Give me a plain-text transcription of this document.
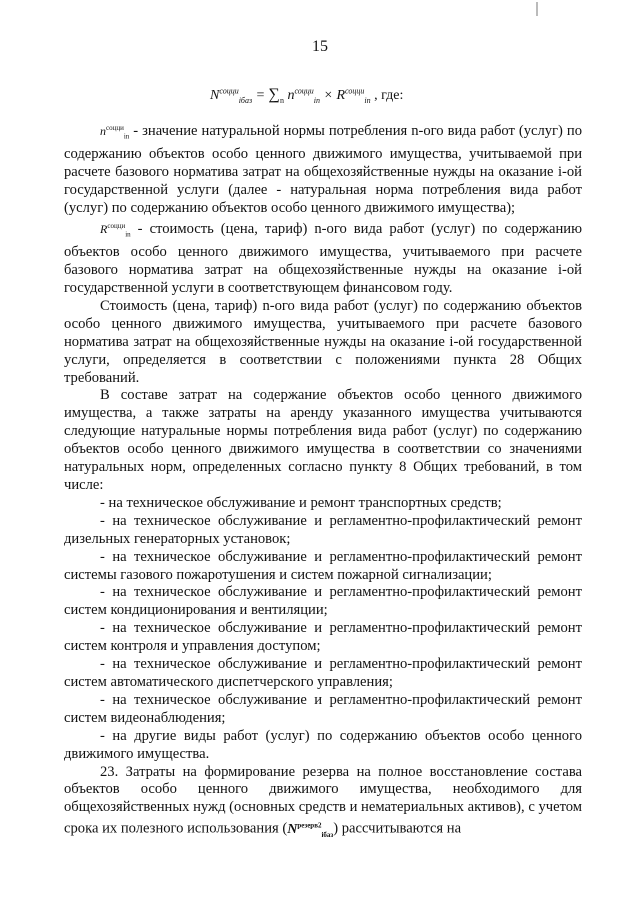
15
$N^{соцци}_{iбаз} = \sum_n$ $n^{соцци}_{in} \times R^{соцци}_{in}$ , где:

$n^{соцци}_{in}$ - значение натуральной нормы потребления n-ого вида работ (услуг) по содержанию объектов особо ценного движимого имущества, учитываемой при расчете базового норматива затрат на общехозяйственные нужды на оказание i-ой государственной услуги (далее - натуральная норма потребления вида работ (услуг) по содержанию объектов особо ценного движимого имущества);

$R^{соцци}_{in}$ - стоимость (цена, тариф) n-ого вида работ (услуг) по содержанию объектов особо ценного движимого имущества, учитываемого при расчете базового норматива затрат на общехозяйственные нужды на оказание i-ой государственной услуги в соответствующем финансовом году.

Стоимость (цена, тариф) n-ого вида работ (услуг) по содержанию объектов особо ценного движимого имущества, учитываемого при расчете базового норматива затрат на общехозяйственные нужды на оказание i-ой государственной услуги, определяется в соответствии с положениями пункта 28 Общих требований.

В составе затрат на содержание объектов особо ценного движимого имущества, а также затраты на аренду указанного имущества учитываются следующие натуральные нормы потребления вида работ (услуг) по содержанию объектов особо ценного движимого имущества в соответствии со значениями натуральных норм, определенных согласно пункту 8 Общих требований, в том числе:

- на техническое обслуживание и ремонт транспортных средств;

- на техническое обслуживание и регламентно-профилактический ремонт дизельных генераторных установок;

- на техническое обслуживание и регламентно-профилактический ремонт системы газового пожаротушения и систем пожарной сигнализации;

- на техническое обслуживание и регламентно-профилактический ремонт систем кондиционирования и вентиляции;

- на техническое обслуживание и регламентно-профилактический ремонт систем контроля и управления доступом;

- на техническое обслуживание и регламентно-профилактический ремонт систем автоматического диспетчерского управления;

- на техническое обслуживание и регламентно-профилактический ремонт систем видеонаблюдения;

- на другие виды работ (услуг) по содержанию объектов особо ценного движимого имущества.

23. Затраты на формирование резерва на полное восстановление состава объектов особо ценного движимого имущества, необходимого для общехозяйственных нужд (основных средств и нематериальных активов), с учетом срока их полезного использования $(N^{резерв2}_{iбаз})$ рассчитываются на
